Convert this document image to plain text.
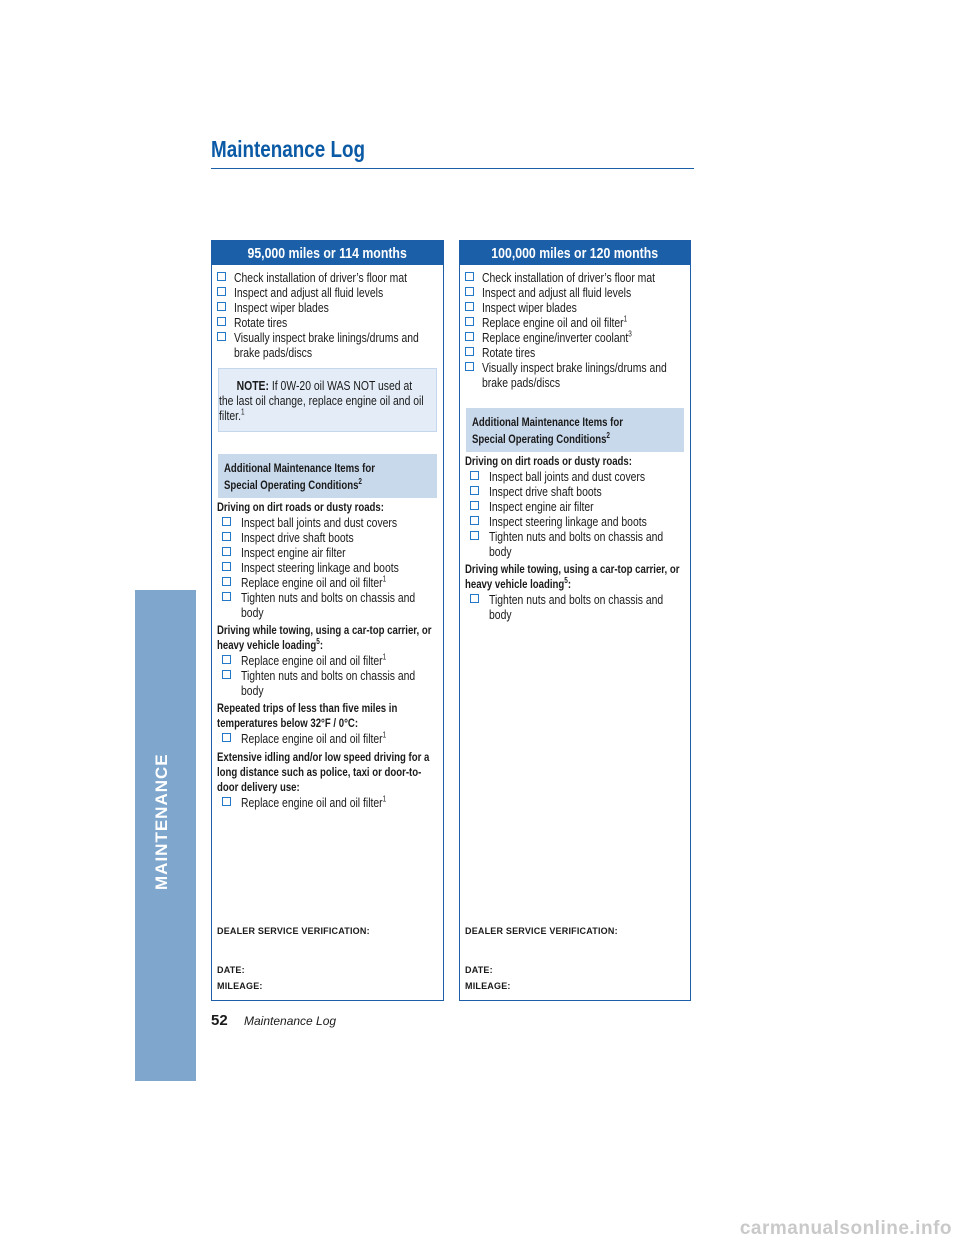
MAINTENANCE
Maintenance Log
95,000 miles or 114 months
Check installation of driver’s floor mat
Inspect and adjust all fluid levels
Inspect wiper blades
Rotate tires
Visually inspect brake linings/drums and brake pads/discs
NOTE: If 0W-20 oil WAS NOT used at the last oil change, replace engine oil and oil filter.$^1$
Additional Maintenance Items for Special Operating Conditions$^2$
Driving on dirt roads or dusty roads:
Inspect ball joints and dust covers
Inspect drive shaft boots
Inspect engine air filter
Inspect steering linkage and boots
Replace engine oil and oil filter$^1$
Tighten nuts and bolts on chassis and body
Driving while towing, using a car-top carrier, or heavy vehicle loading$^5$:
Replace engine oil and oil filter$^1$
Tighten nuts and bolts on chassis and body
Repeated trips of less than five miles in temperatures below 32°F / 0°C:
Replace engine oil and oil filter$^1$
Extensive idling and/or low speed driving for a long distance such as police, taxi or door-to-door delivery use:
Replace engine oil and oil filter$^1$
DEALER SERVICE VERIFICATION:
DATE:
MILEAGE:
100,000 miles or 120 months
Check installation of driver’s floor mat
Inspect and adjust all fluid levels
Inspect wiper blades
Replace engine oil and oil filter$^1$
Replace engine/inverter coolant$^3$
Rotate tires
Visually inspect brake linings/drums and brake pads/discs
Additional Maintenance Items for Special Operating Conditions$^2$
Driving on dirt roads or dusty roads:
Inspect ball joints and dust covers
Inspect drive shaft boots
Inspect engine air filter
Inspect steering linkage and boots
Tighten nuts and bolts on chassis and body
Driving while towing, using a car-top carrier, or heavy vehicle loading$^5$:
Tighten nuts and bolts on chassis and body
DEALER SERVICE VERIFICATION:
DATE:
MILEAGE:
52 Maintenance Log
carmanualsonline.info
